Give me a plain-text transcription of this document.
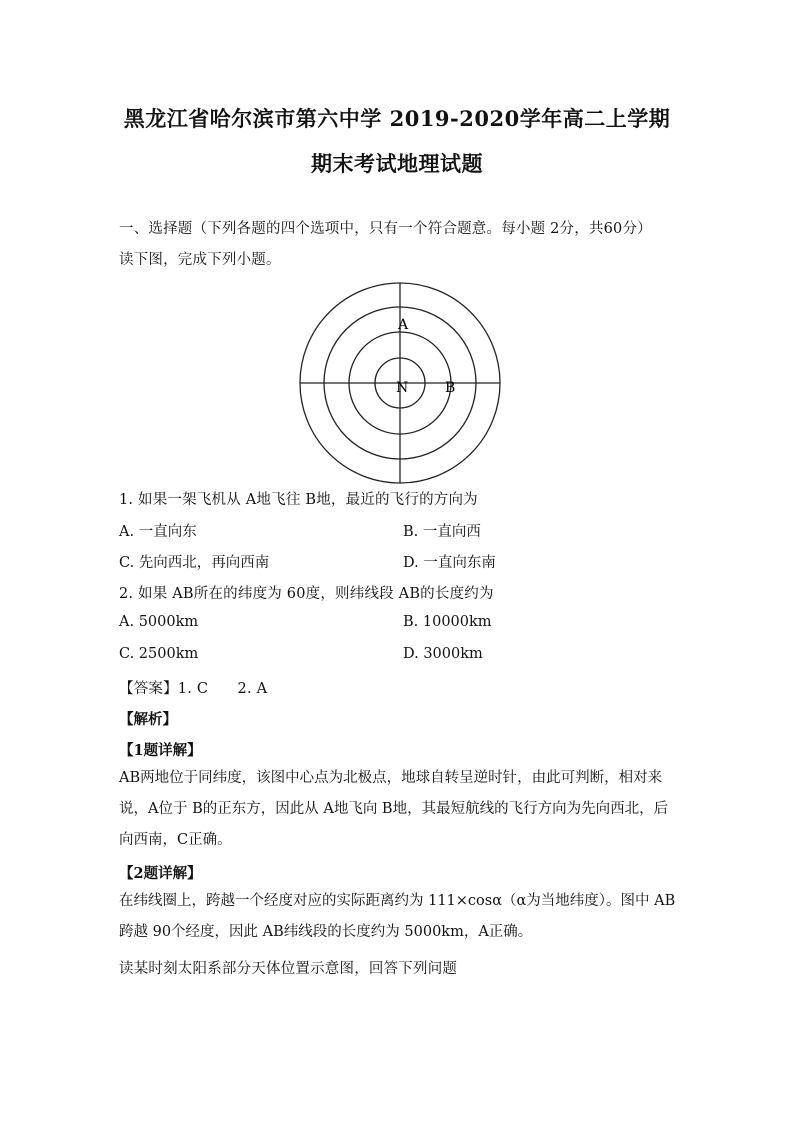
黑龙江省哈尔滨市第六中学 2019-2020学年高二上学期
期末考试地理试题
一、选择题（下列各题的四个选项中，只有一个符合题意。每小题 2分，共60分）
读下图，完成下列小题。
A
N	B
1. 如果一架飞机从 A地飞往 B地，最近的飞行的方向为
A. 一直向东	B. 一直向西
C. 先向西北，再向西南	D. 一直向东南
2. 如果 AB所在的纬度为 60度，则纬线段 AB的长度约为
A. 5000km	B. 10000km
C. 2500km	D. 3000km
【答案】1. C　　2. A
【解析】
【1题详解】
AB两地位于同纬度，该图中心点为北极点，地球自转呈逆时针，由此可判断，相对来说，A位于 B的正东方，因此从 A地飞向 B地，其最短航线的飞行方向为先向西北，后向西南，C正确。
【2题详解】
在纬线圈上，跨越一个经度对应的实际距离约为 111×cosα（α为当地纬度）。图中 AB跨越 90个经度，因此 AB纬线段的长度约为 5000km，A正确。
读某时刻太阳系部分天体位置示意图，回答下列问题
